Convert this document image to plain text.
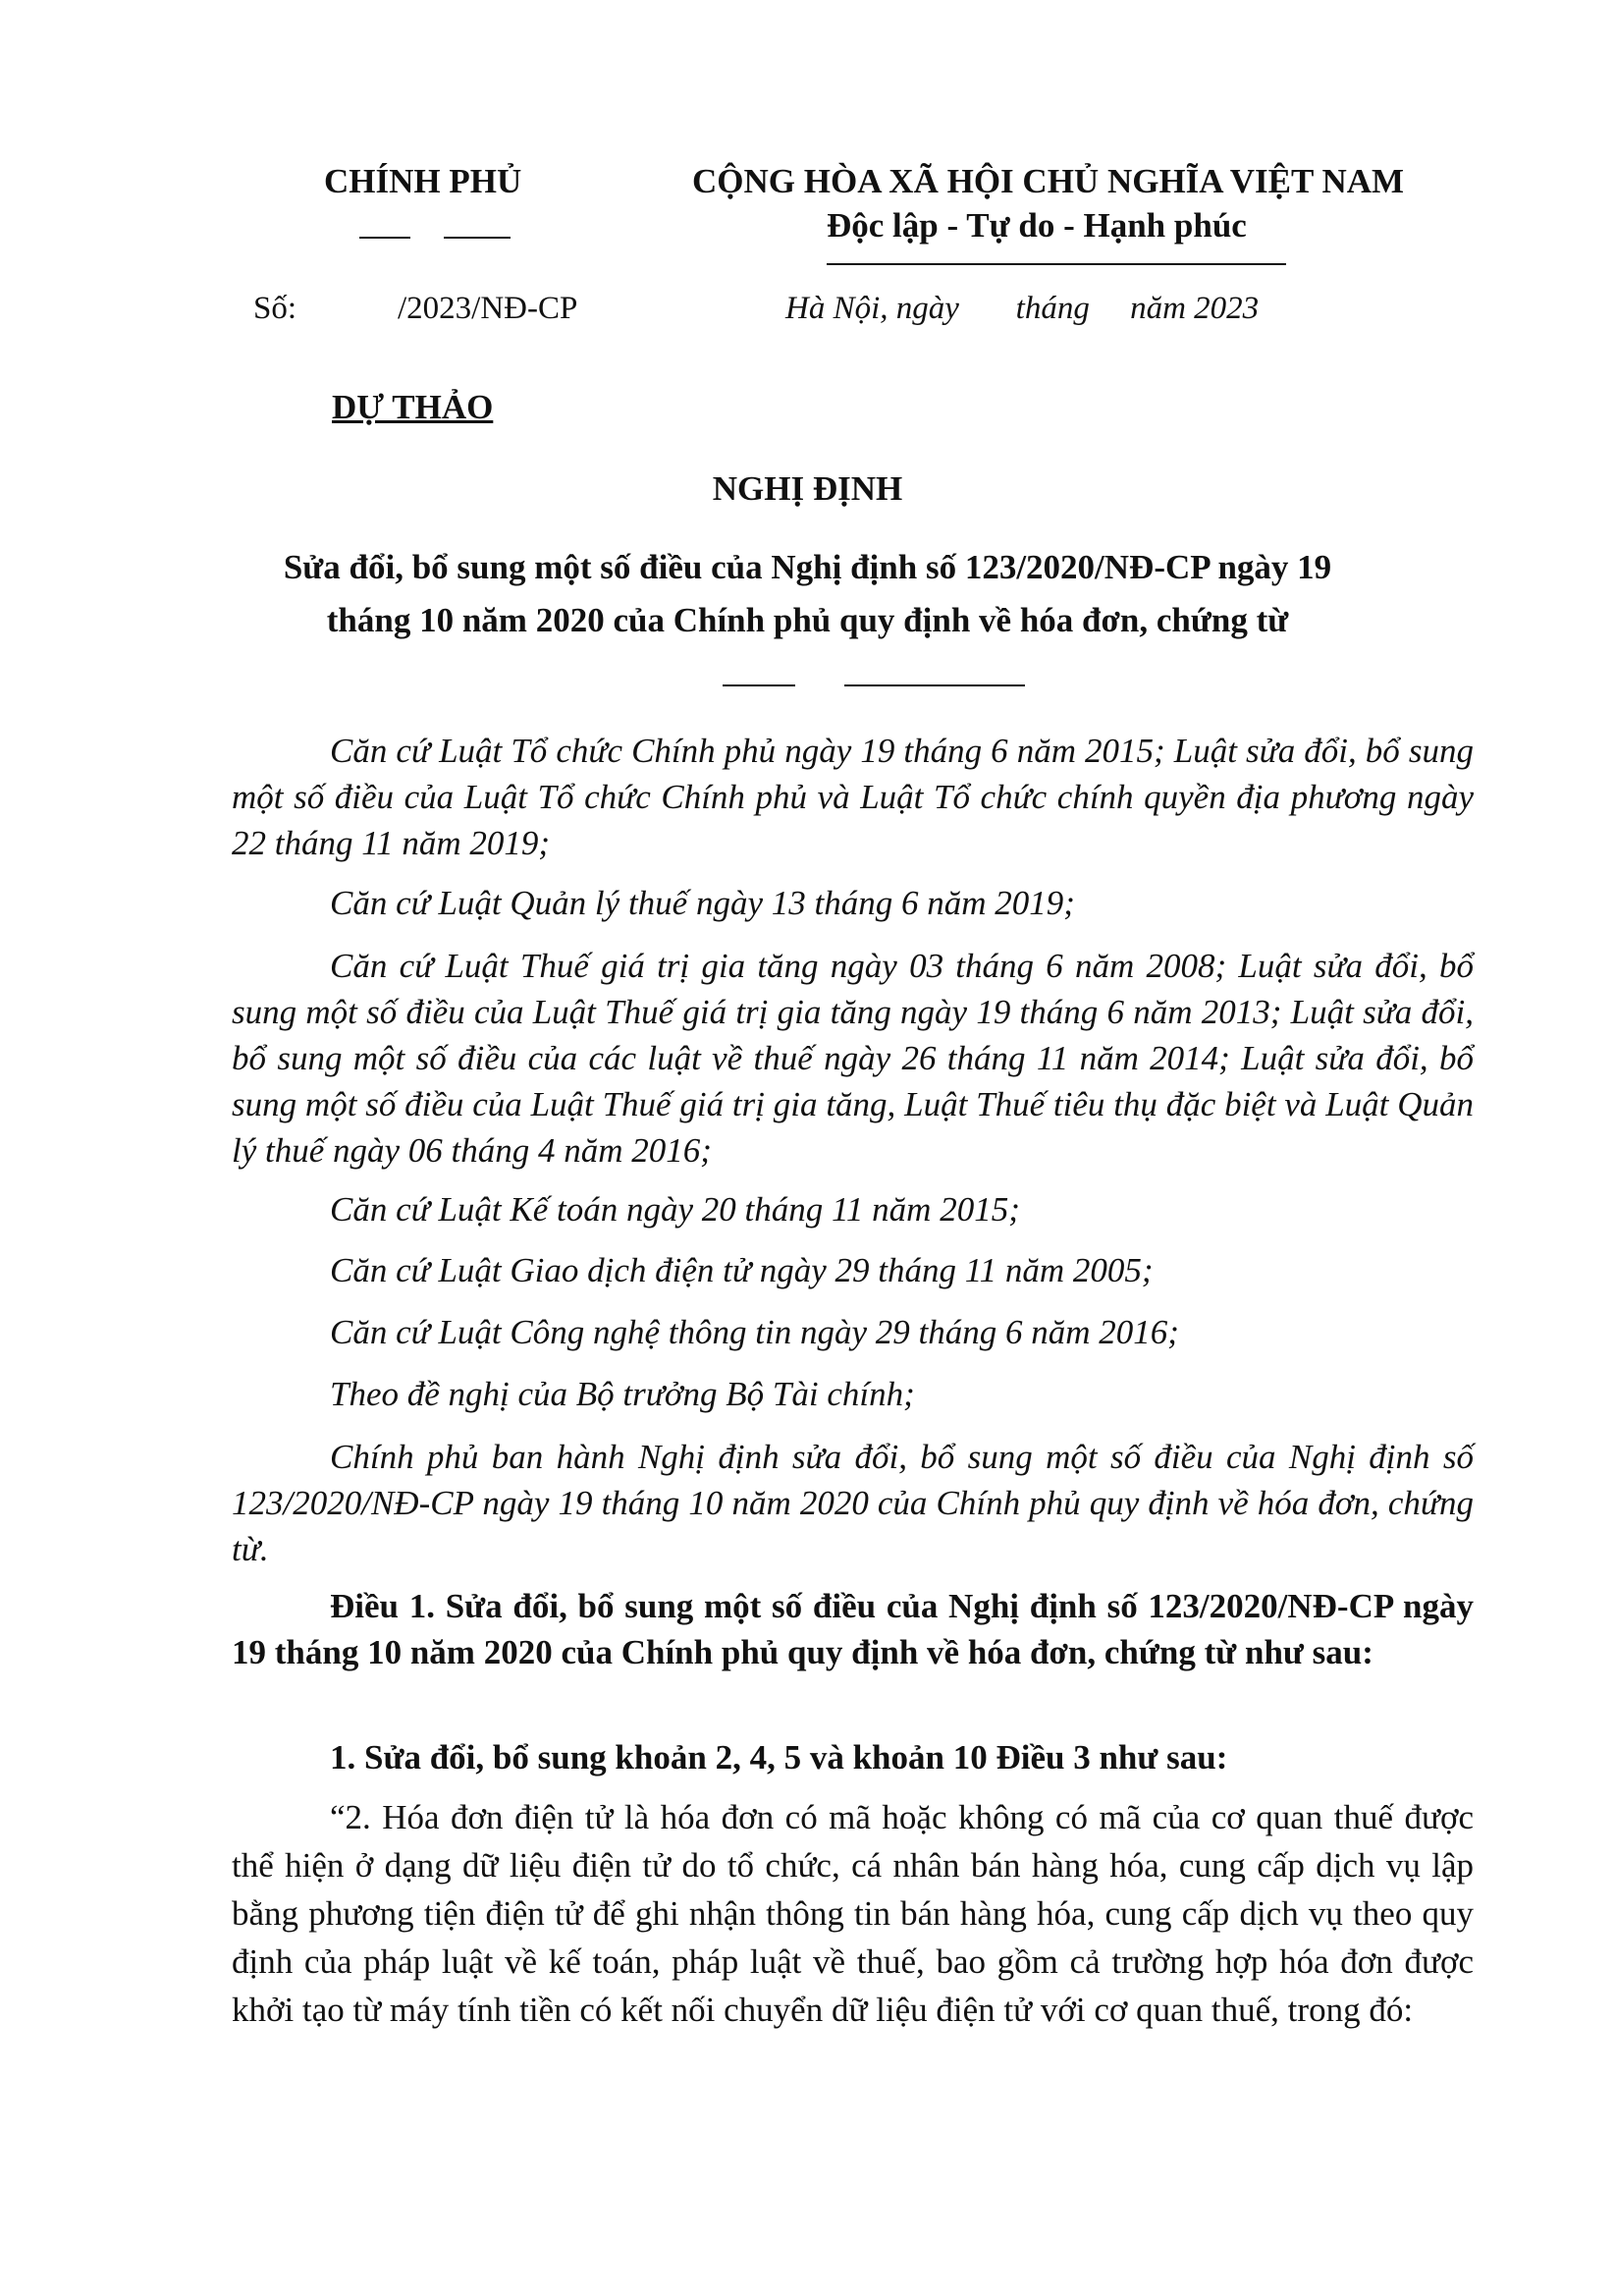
CHÍNH PHỦ	CỘNG HÒA XÃ HỘI CHỦ NGHĨA VIỆT NAM
Độc lập - Tự do - Hạnh phúc
Số:	/2023/NĐ-CP	Hà Nội, ngày       tháng     năm 2023
DỰ THẢO
NGHỊ ĐỊNH
Sửa đổi, bổ sung một số điều của Nghị định số 123/2020/NĐ-CP ngày 19
tháng 10 năm 2020 của Chính phủ quy định về hóa đơn, chứng từ
Căn cứ Luật Tổ chức Chính phủ ngày 19 tháng 6 năm 2015; Luật sửa đổi, bổ sung một số điều của Luật Tổ chức Chính phủ và Luật Tổ chức chính quyền địa phương ngày 22 tháng 11 năm 2019;
Căn cứ Luật Quản lý thuế ngày 13 tháng 6 năm 2019;
Căn cứ Luật Thuế giá trị gia tăng ngày 03 tháng 6 năm 2008; Luật sửa đổi, bổ sung một số điều của Luật Thuế giá trị gia tăng ngày 19 tháng 6 năm 2013; Luật sửa đổi, bổ sung một số điều của các luật về thuế ngày 26 tháng 11 năm 2014; Luật sửa đổi, bổ sung một số điều của Luật Thuế giá trị gia tăng, Luật Thuế tiêu thụ đặc biệt và Luật Quản lý thuế ngày 06 tháng 4 năm 2016;
Căn cứ Luật Kế toán ngày 20 tháng 11 năm 2015;
Căn cứ Luật Giao dịch điện tử ngày 29 tháng 11 năm 2005;
Căn cứ Luật Công nghệ thông tin ngày 29 tháng 6 năm 2016;
Theo đề nghị của Bộ trưởng Bộ Tài chính;
Chính phủ ban hành Nghị định sửa đổi, bổ sung một số điều của Nghị định số 123/2020/NĐ-CP ngày 19 tháng 10 năm 2020 của Chính phủ quy định về hóa đơn, chứng từ.
Điều 1. Sửa đổi, bổ sung một số điều của Nghị định số 123/2020/NĐ-CP ngày 19 tháng 10 năm 2020 của Chính phủ quy định về hóa đơn, chứng từ như sau:
1. Sửa đổi, bổ sung khoản 2, 4, 5 và khoản 10 Điều 3 như sau:
“2. Hóa đơn điện tử là hóa đơn có mã hoặc không có mã của cơ quan thuế được thể hiện ở dạng dữ liệu điện tử do tổ chức, cá nhân bán hàng hóa, cung cấp dịch vụ lập bằng phương tiện điện tử để ghi nhận thông tin bán hàng hóa, cung cấp dịch vụ theo quy định của pháp luật về kế toán, pháp luật về thuế, bao gồm cả trường hợp hóa đơn được khởi tạo từ máy tính tiền có kết nối chuyển dữ liệu điện tử với cơ quan thuế, trong đó:
